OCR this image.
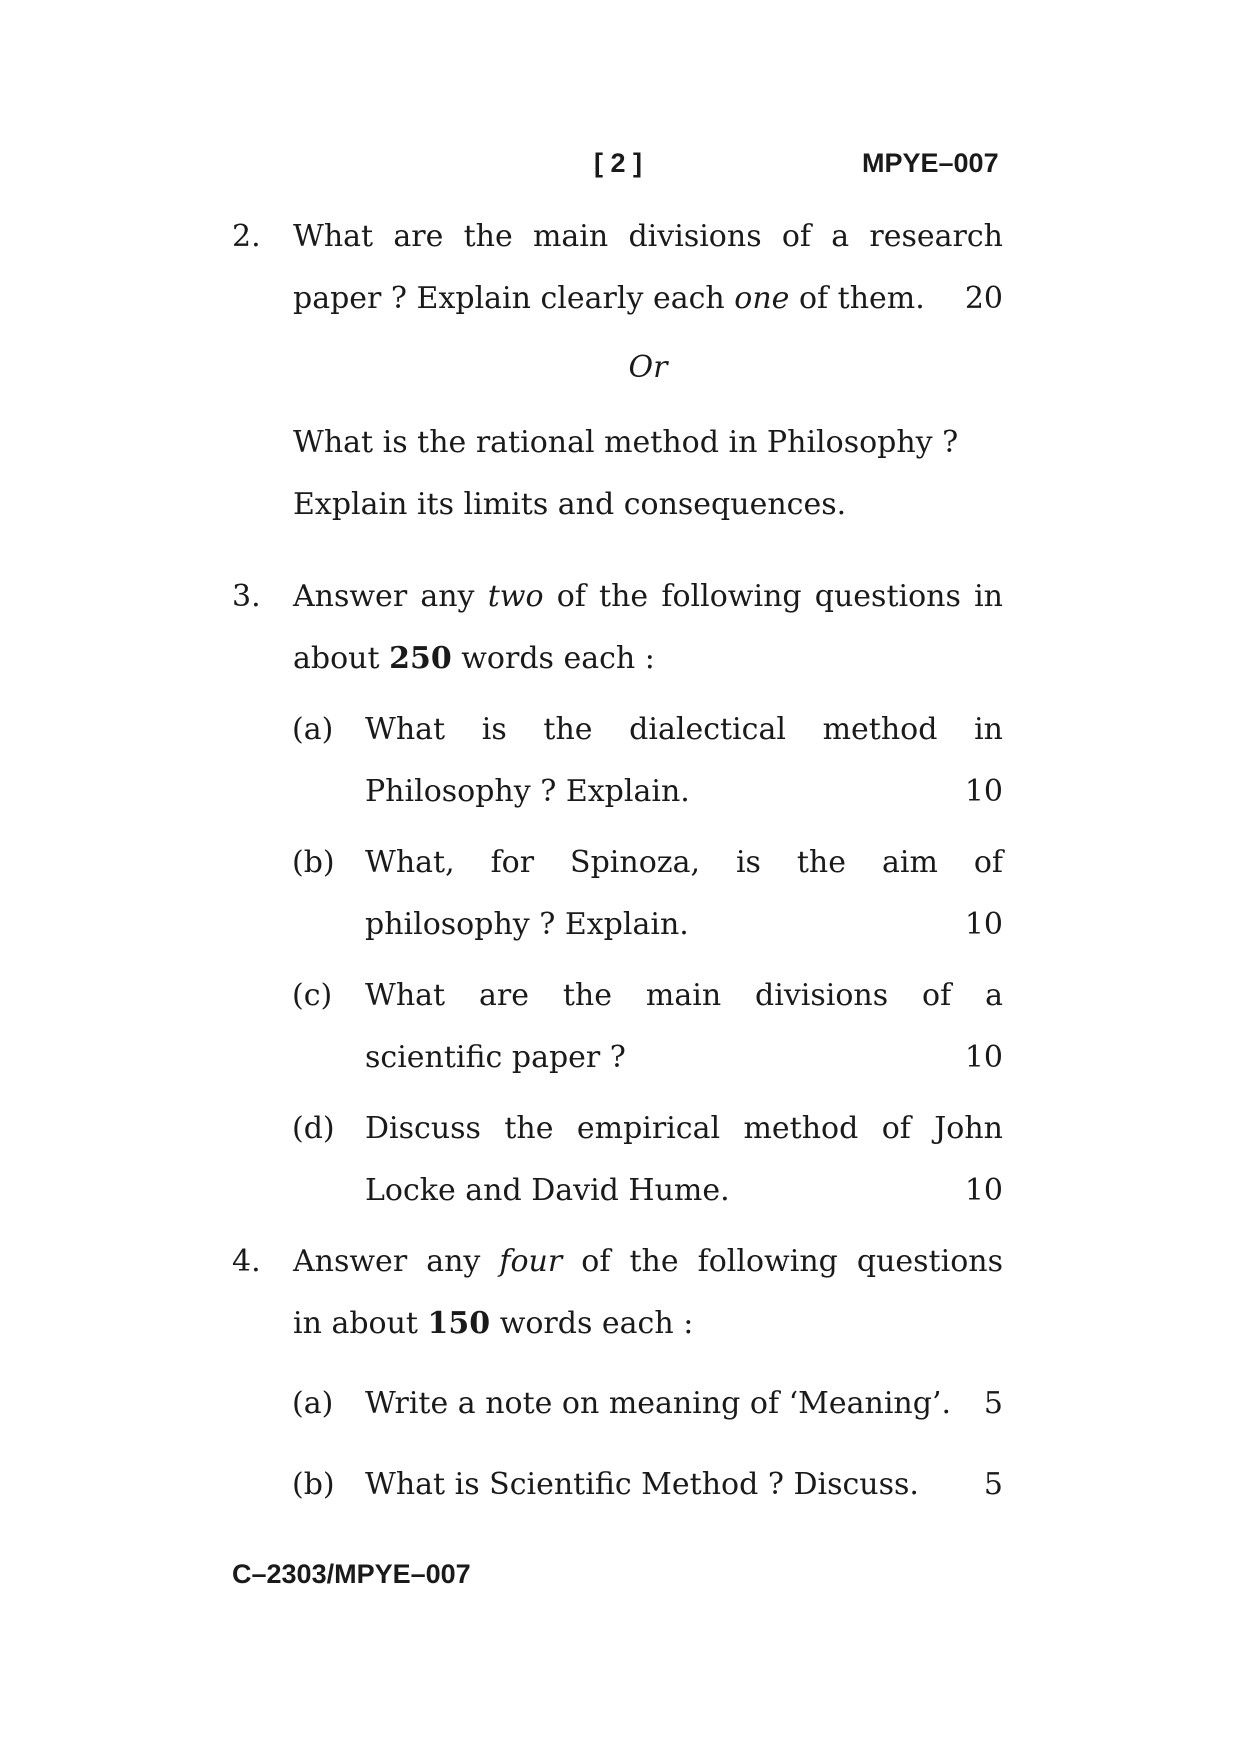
[ 2 ]	MPYE–007
2. What are the main divisions of a research
paper ? Explain clearly each one of them. 20
Or
What is the rational method in Philosophy ?
Explain its limits and consequences.
3. Answer any two of the following questions in
about 250 words each :
(a) What is the dialectical method in
Philosophy ? Explain.	10
(b) What, for Spinoza, is the aim of
philosophy ? Explain.	10
(c) What are the main divisions of a
scientific paper ?	10
(d) Discuss the empirical method of John
Locke and David Hume.	10
4. Answer any four of the following questions
in about 150 words each :
(a) Write a note on meaning of ‘Meaning’. 5
(b) What is Scientific Method ? Discuss. 5
C–2303/MPYE–007
